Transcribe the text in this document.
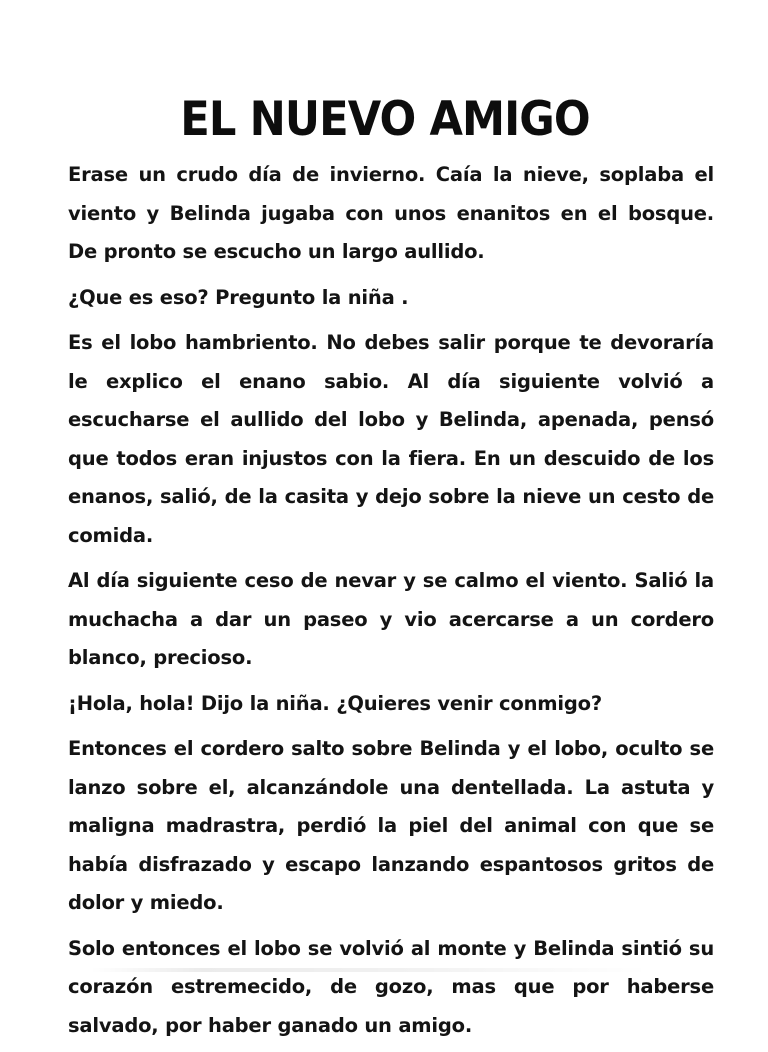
EL NUEVO AMIGO

Erase un crudo día de invierno. Caía la nieve, soplaba el viento y Belinda jugaba con unos enanitos en el bosque. De pronto se escucho un largo aullido.

¿Que es eso? Pregunto la niña .

Es el lobo hambriento. No debes salir porque te devoraría le explico el enano sabio. Al día siguiente volvió a escucharse el aullido del lobo y Belinda, apenada, pensó que todos eran injustos con la fiera. En un descuido de los enanos, salió, de la casita y dejo sobre la nieve un cesto de comida.

Al día siguiente ceso de nevar y se calmo el viento. Salió la muchacha a dar un paseo y vio acercarse a un cordero blanco, precioso.

¡Hola, hola! Dijo la niña. ¿Quieres venir conmigo?

Entonces el cordero salto sobre Belinda y el lobo, oculto se lanzo sobre el, alcanzándole una dentellada. La astuta y maligna madrastra, perdió la piel del animal con que se había disfrazado y escapo lanzando espantosos gritos de dolor y miedo.

Solo entonces el lobo se volvió al monte y Belinda sintió su corazón estremecido, de gozo, mas que por haberse salvado, por haber ganado un amigo.
